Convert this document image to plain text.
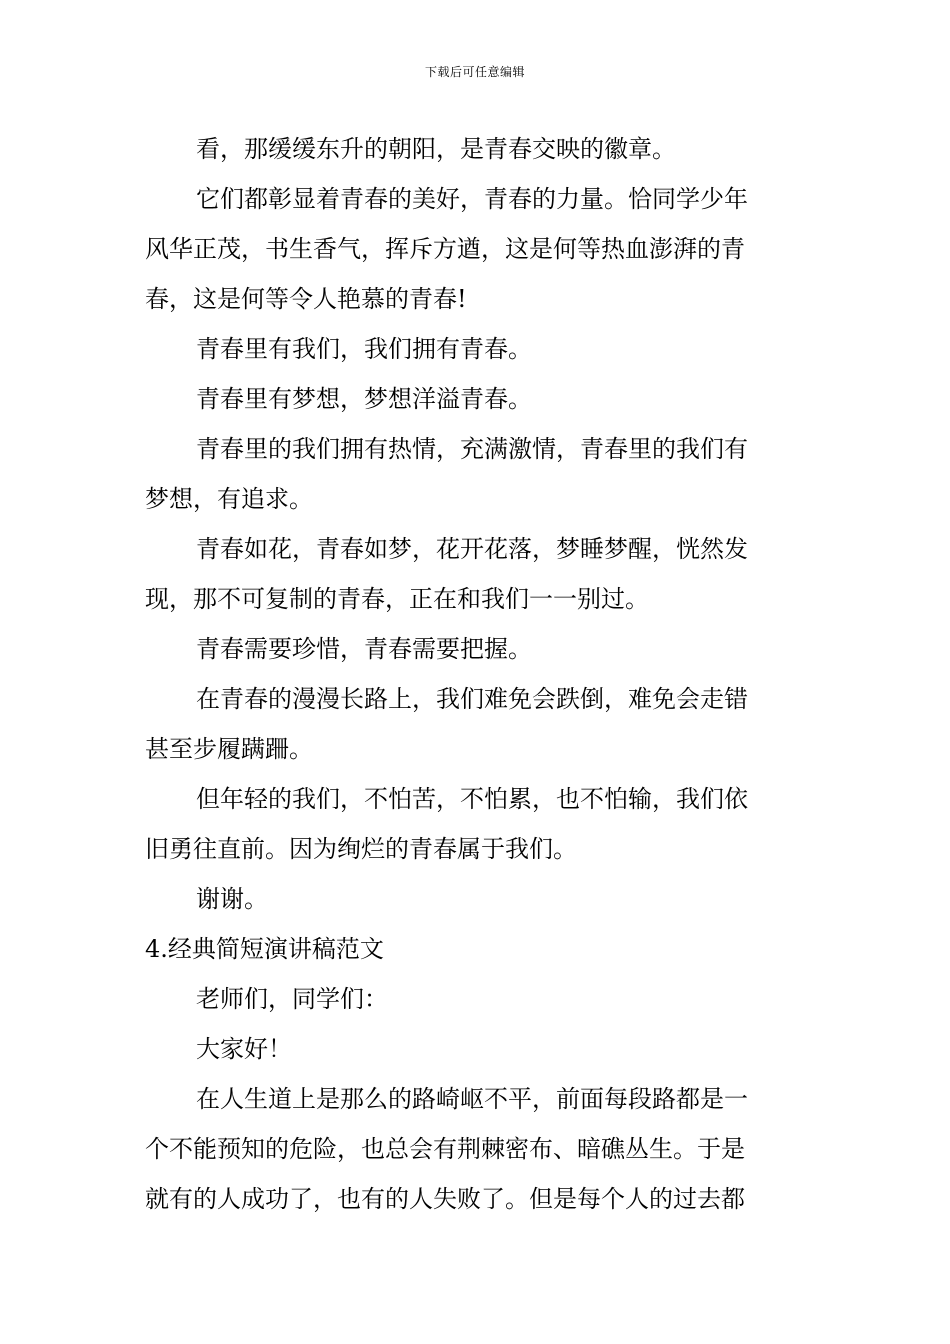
下载后可任意编辑
看，那缓缓东升的朝阳，是青春交映的徽章。
它们都彰显着青春的美好，青春的力量。恰同学少年
风华正茂，书生香气，挥斥方遒，这是何等热血澎湃的青
春，这是何等令人艳慕的青春!
青春里有我们，我们拥有青春。
青春里有梦想，梦想洋溢青春。
青春里的我们拥有热情，充满激情，青春里的我们有
梦想，有追求。
青春如花，青春如梦，花开花落，梦睡梦醒，恍然发
现，那不可复制的青春，正在和我们一一别过。
青春需要珍惜，青春需要把握。
在青春的漫漫长路上，我们难免会跌倒，难免会走错
甚至步履蹒跚。
但年轻的我们，不怕苦，不怕累，也不怕输，我们依
旧勇往直前。因为绚烂的青春属于我们。
谢谢。
4.经典简短演讲稿范文
老师们，同学们：
大家好！
在人生道上是那么的路崎岖不平，前面每段路都是一
个不能预知的危险，也总会有荆棘密布、暗礁丛生。于是
就有的人成功了，也有的人失败了。但是每个人的过去都
